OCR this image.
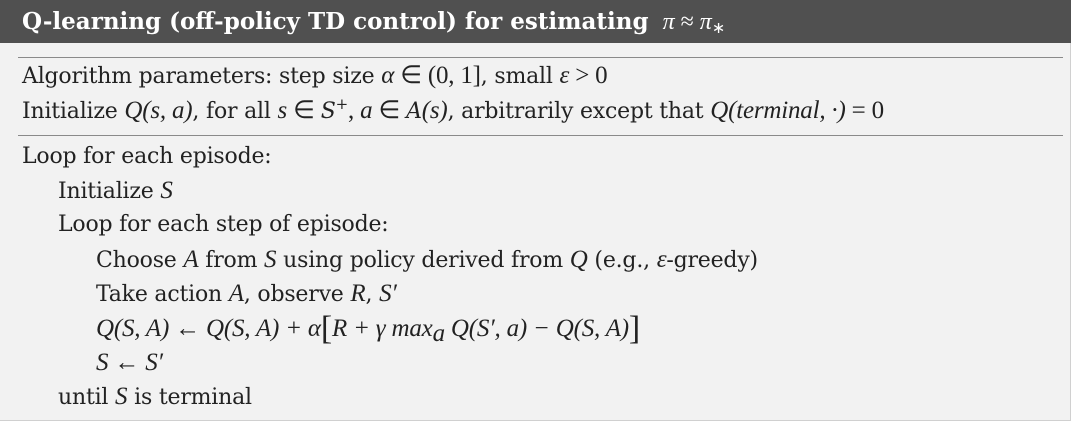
Q-learning (off-policy TD control) for estimating $\pi \approx \pi_∗$
Algorithm parameters: step size α ∈ (0, 1], small ε > 0
Initialize Q(s, a), for all s ∈ S+, a ∈ A(s), arbitrarily except that Q(terminal, ·) = 0
Loop for each episode:
Initialize S
Loop for each step of episode:
Choose A from S using policy derived from Q (e.g., ε-greedy)
Take action A, observe R, S′
Q(S, A) ← Q(S, A) + α[R + γ $\max_a Q(S'$, a) − Q(S, A)]
S ← S′
until S is terminal
